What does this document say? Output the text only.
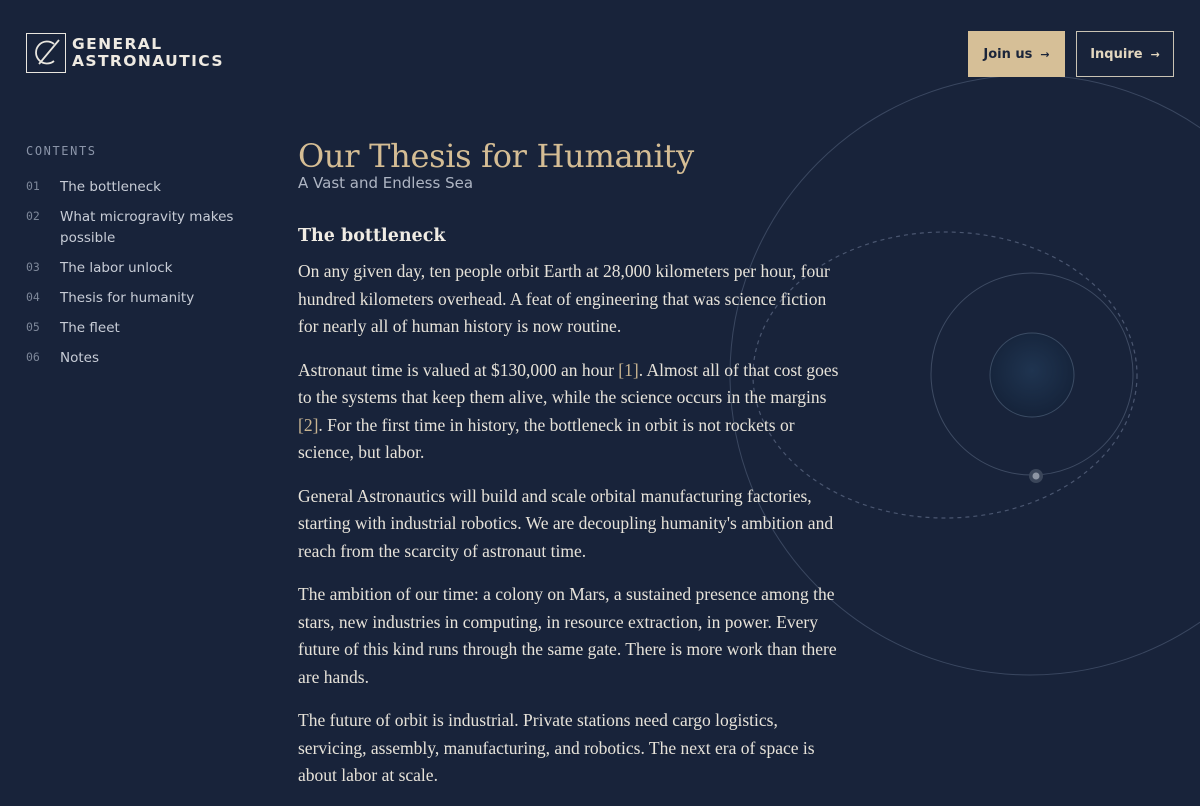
GENERAL
ASTRONAUTICS	Join us →	Inquire →
CONTENTS
01	The bottleneck
02	What microgravity makes possible
03	The labor unlock
04	Thesis for humanity
05	The fleet
06	Notes
Our Thesis for Humanity
A Vast and Endless Sea
The bottleneck

On any given day, ten people orbit Earth at 28,000 kilometers per hour, four hundred kilometers overhead. A feat of engineering that was science fiction for nearly all of human history is now routine.

Astronaut time is valued at $130,000 an hour [1]. Almost all of that cost goes to the systems that keep them alive, while the science occurs in the margins [2]. For the first time in history, the bottleneck in orbit is not rockets or science, but labor.

General Astronautics will build and scale orbital manufacturing factories, starting with industrial robotics. We are decoupling humanity's ambition and reach from the scarcity of astronaut time.

The ambition of our time: a colony on Mars, a sustained presence among the stars, new industries in computing, in resource extraction, in power. Every future of this kind runs through the same gate. There is more work than there are hands.

The future of orbit is industrial. Private stations need cargo logistics, servicing, assembly, manufacturing, and robotics. The next era of space is about labor at scale.
